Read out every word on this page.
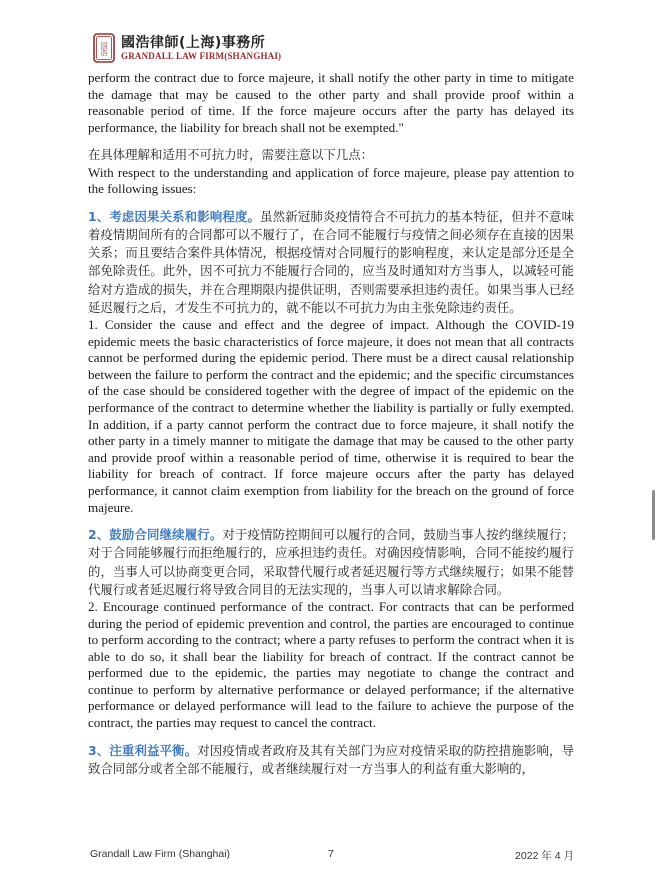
国浩 國浩律師(上海)事務所
GRANDALL LAW FIRM(SHANGHAI)

perform the contract due to force majeure, it shall notify the other party in time to mitigate the damage that may be caused to the other party and shall provide proof within a reasonable period of time. If the force majeure occurs after the party has delayed its performance, the liability for breach shall not be exempted."

在具体理解和适用不可抗力时，需要注意以下几点：

With respect to the understanding and application of force majeure, please pay attention to the following issues:

1、考虑因果关系和影响程度。虽然新冠肺炎疫情符合不可抗力的基本特征，但并不意味着疫情期间所有的合同都可以不履行了，在合同不能履行与疫情之间必须存在直接的因果关系；而且要结合案件具体情况，根据疫情对合同履行的影响程度，来认定是部分还是全部免除责任。此外，因不可抗力不能履行合同的，应当及时通知对方当事人，以减轻可能给对方造成的损失，并在合理期限内提供证明，否则需要承担违约责任。如果当事人已经延迟履行之后，才发生不可抗力的，就不能以不可抗力为由主张免除违约责任。

1. Consider the cause and effect and the degree of impact. Although the COVID-19 epidemic meets the basic characteristics of force majeure, it does not mean that all contracts cannot be performed during the epidemic period. There must be a direct causal relationship between the failure to perform the contract and the epidemic; and the specific circumstances of the case should be considered together with the degree of impact of the epidemic on the performance of the contract to determine whether the liability is partially or fully exempted. In addition, if a party cannot perform the contract due to force majeure, it shall notify the other party in a timely manner to mitigate the damage that may be caused to the other party and provide proof within a reasonable period of time, otherwise it is required to bear the liability for breach of contract. If force majeure occurs after the party has delayed performance, it cannot claim exemption from liability for the breach on the ground of force majeure.

2、鼓励合同继续履行。对于疫情防控期间可以履行的合同，鼓励当事人按约继续履行；对于合同能够履行而拒绝履行的，应承担违约责任。对确因疫情影响，合同不能按约履行的，当事人可以协商变更合同，采取替代履行或者延迟履行等方式继续履行；如果不能替代履行或者延迟履行将导致合同目的无法实现的，当事人可以请求解除合同。

2. Encourage continued performance of the contract. For contracts that can be performed during the period of epidemic prevention and control, the parties are encouraged to continue to perform according to the contract; where a party refuses to perform the contract when it is able to do so, it shall bear the liability for breach of contract. If the contract cannot be performed due to the epidemic, the parties may negotiate to change the contract and continue to perform by alternative performance or delayed performance; if the alternative performance or delayed performance will lead to the failure to achieve the purpose of the contract, the parties may request to cancel the contract.

3、注重利益平衡。对因疫情或者政府及其有关部门为应对疫情采取的防控措施影响，导致合同部分或者全部不能履行，或者继续履行对一方当事人的利益有重大影响的，

Grandall Law Firm (Shanghai)	7	2022 年 4 月
